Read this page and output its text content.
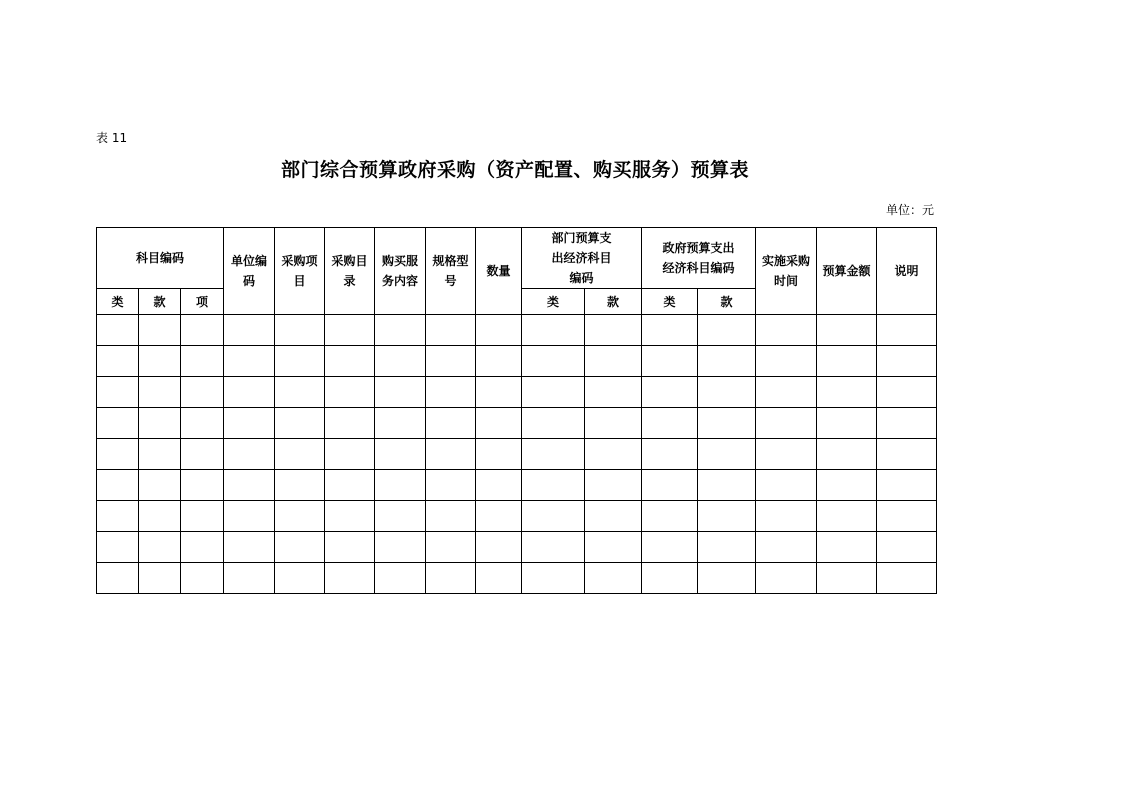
表 11
部门综合预算政府采购（资产配置、购买服务）预算表
单位：元
科目编码			单位编码	采购项目	采购目录	购买服务内容	规格型号	数量	部门预算支出经济科目编码		政府预算支出经济科目编码		实施采购时间	预算金额	说明	
类	款	项							类	款	类	款				
